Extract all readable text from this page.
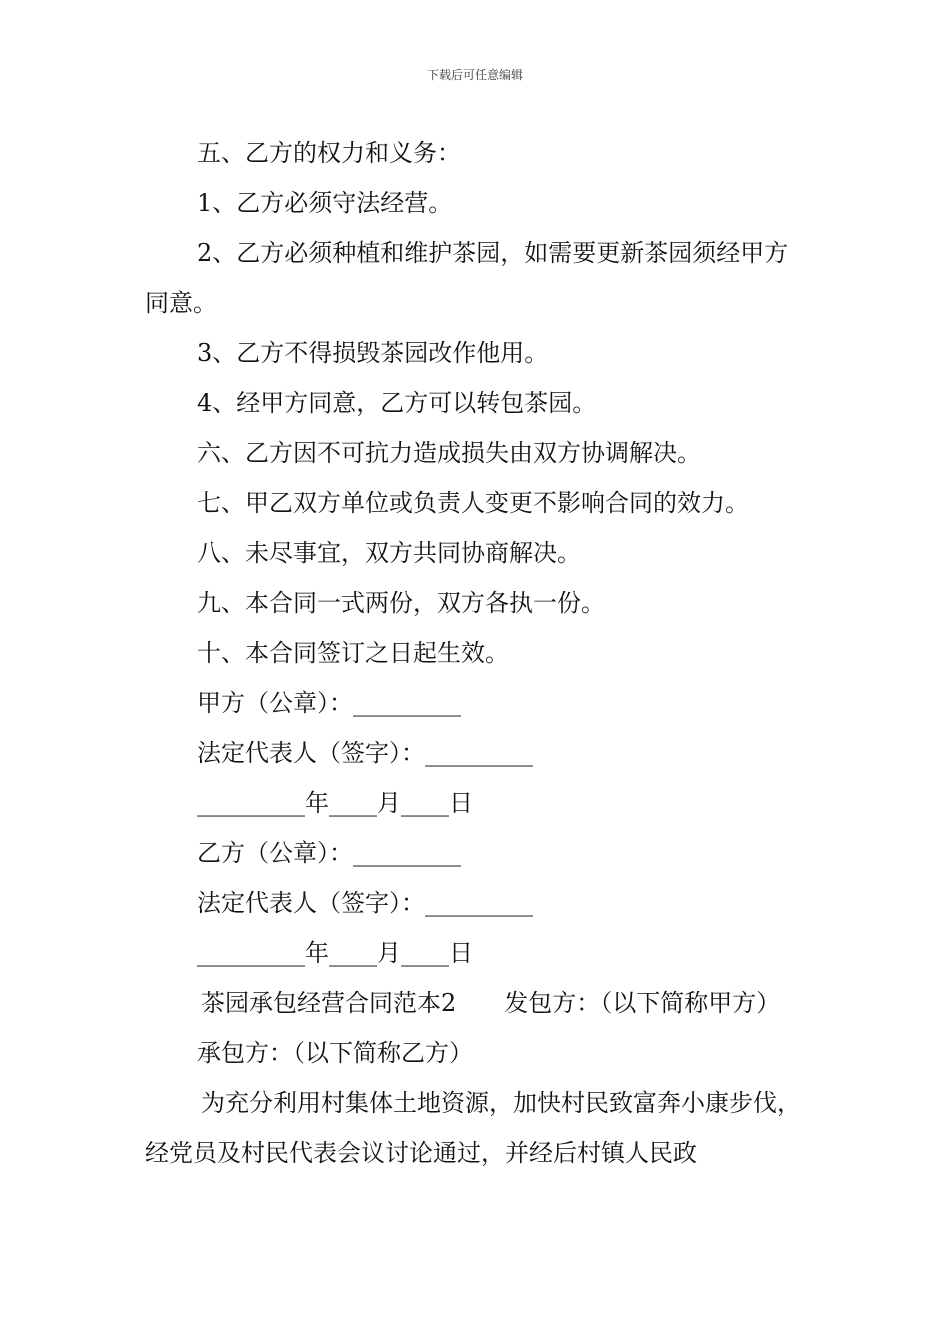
下载后可任意编辑

五、乙方的权力和义务：

1、乙方必须守法经营。

2、乙方必须种植和维护茶园，如需要更新茶园须经甲方同意。

3、乙方不得损毁茶园改作他用。

4、经甲方同意，乙方可以转包茶园。

六、乙方因不可抗力造成损失由双方协调解决。

七、甲乙双方单位或负责人变更不影响合同的效力。

八、未尽事宜，双方共同协商解决。

九、本合同一式两份，双方各执一份。

十、本合同签订之日起生效。

甲方（公章）：_________

法定代表人（签字）：_________

_________年____月____日

乙方（公章）：_________

法定代表人（签字）：_________

_________年____月____日

茶园承包经营合同范本2　　发包方：（以下简称甲方）

承包方：（以下简称乙方）

为充分利用村集体土地资源，加快村民致富奔小康步伐，经党员及村民代表会议讨论通过，并经后村镇人民政
